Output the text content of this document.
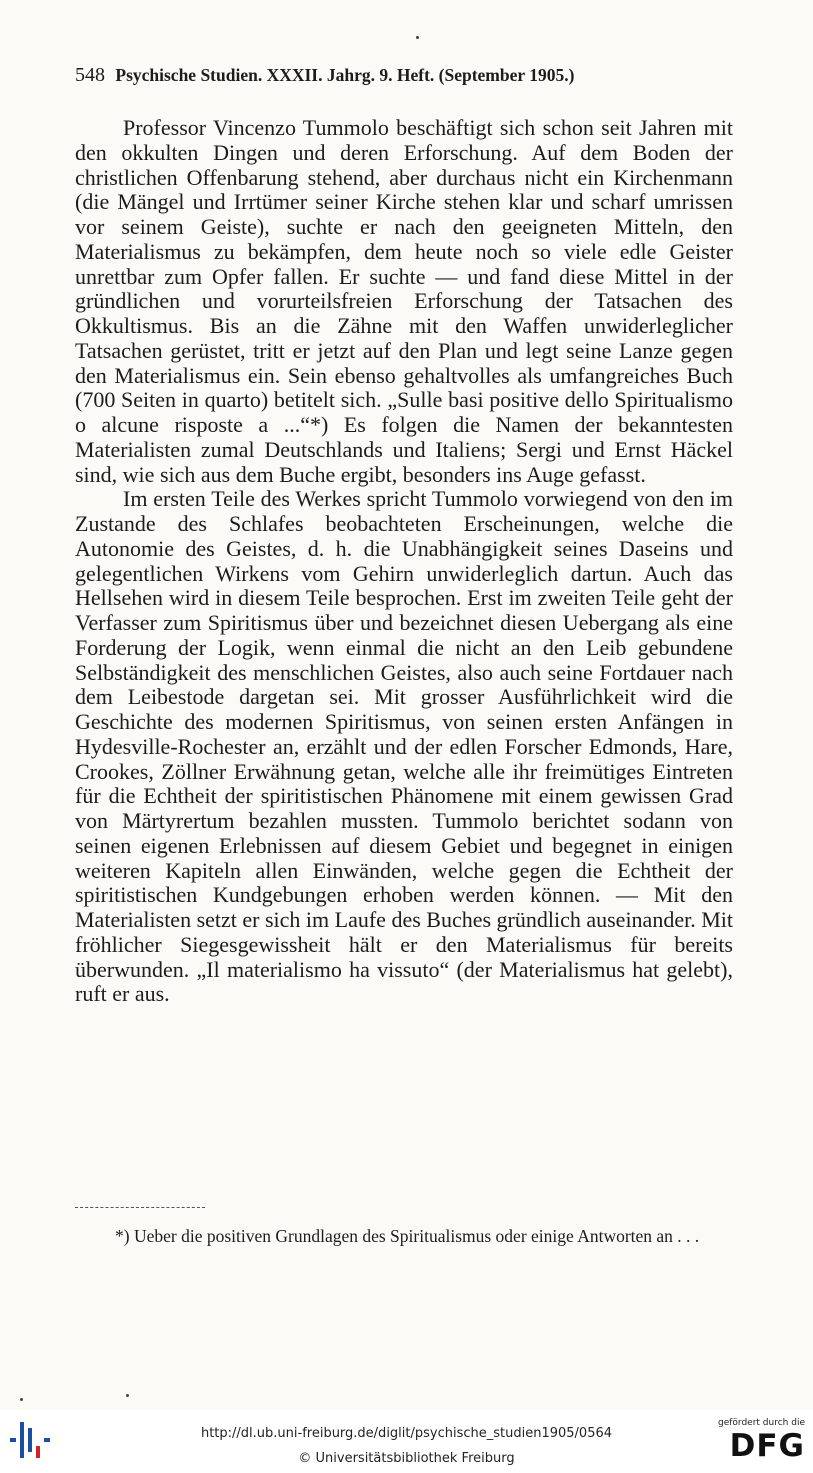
548 Psychische Studien. XXXII. Jahrg. 9. Heft. (September 1905.)

Professor Vincenzo Tummolo beschäftigt sich schon seit Jahren mit den okkulten Dingen und deren Erforschung. Auf dem Boden der christlichen Offenbarung stehend, aber durchaus nicht ein Kirchenmann (die Mängel und Irrtümer seiner Kirche stehen klar und scharf umrissen vor seinem Geiste), suchte er nach den geeigneten Mitteln, den Materialismus zu bekämpfen, dem heute noch so viele edle Geister unrettbar zum Opfer fallen. Er suchte — und fand diese Mittel in der gründlichen und vorurteilsfreien Erforschung der Tatsachen des Okkultismus. Bis an die Zähne mit den Waffen unwiderleglicher Tatsachen gerüstet, tritt er jetzt auf den Plan und legt seine Lanze gegen den Materialismus ein. Sein ebenso gehaltvolles als umfangreiches Buch (700 Seiten in quarto) betitelt sich. „Sulle basi positive dello Spiritualismo o alcune risposte a ...“*) Es folgen die Namen der bekanntesten Materialisten zumal Deutschlands und Italiens; Sergi und Ernst Häckel sind, wie sich aus dem Buche ergibt, besonders ins Auge gefasst.

Im ersten Teile des Werkes spricht Tummolo vorwiegend von den im Zustande des Schlafes beobachteten Erscheinungen, welche die Autonomie des Geistes, d. h. die Unabhängigkeit seines Daseins und gelegentlichen Wirkens vom Gehirn unwiderleglich dartun. Auch das Hellsehen wird in diesem Teile besprochen. Erst im zweiten Teile geht der Verfasser zum Spiritismus über und bezeichnet diesen Uebergang als eine Forderung der Logik, wenn einmal die nicht an den Leib gebundene Selbständigkeit des menschlichen Geistes, also auch seine Fortdauer nach dem Leibestode dargetan sei. Mit grosser Ausführlichkeit wird die Geschichte des modernen Spiritismus, von seinen ersten Anfängen in Hydesville-Rochester an, erzählt und der edlen Forscher Edmonds, Hare, Crookes, Zöllner Erwähnung getan, welche alle ihr freimütiges Eintreten für die Echtheit der spiritistischen Phänomene mit einem gewissen Grad von Märtyrertum bezahlen mussten. Tummolo berichtet sodann von seinen eigenen Erlebnissen auf diesem Gebiet und begegnet in einigen weiteren Kapiteln allen Einwänden, welche gegen die Echtheit der spiritistischen Kundgebungen erhoben werden können. — Mit den Materialisten setzt er sich im Laufe des Buches gründlich auseinander. Mit fröhlicher Siegesgewissheit hält er den Materialismus für bereits überwunden. „Il materialismo ha vissuto“ (der Materialismus hat gelebt), ruft er aus.

*) Ueber die positiven Grundlagen des Spiritualismus oder einige Antworten an . . .
http://dl.ub.uni-freiburg.de/diglit/psychische_studien1905/0564
© Universitätsbibliothek Freiburg
gefördert durch die
DFG
